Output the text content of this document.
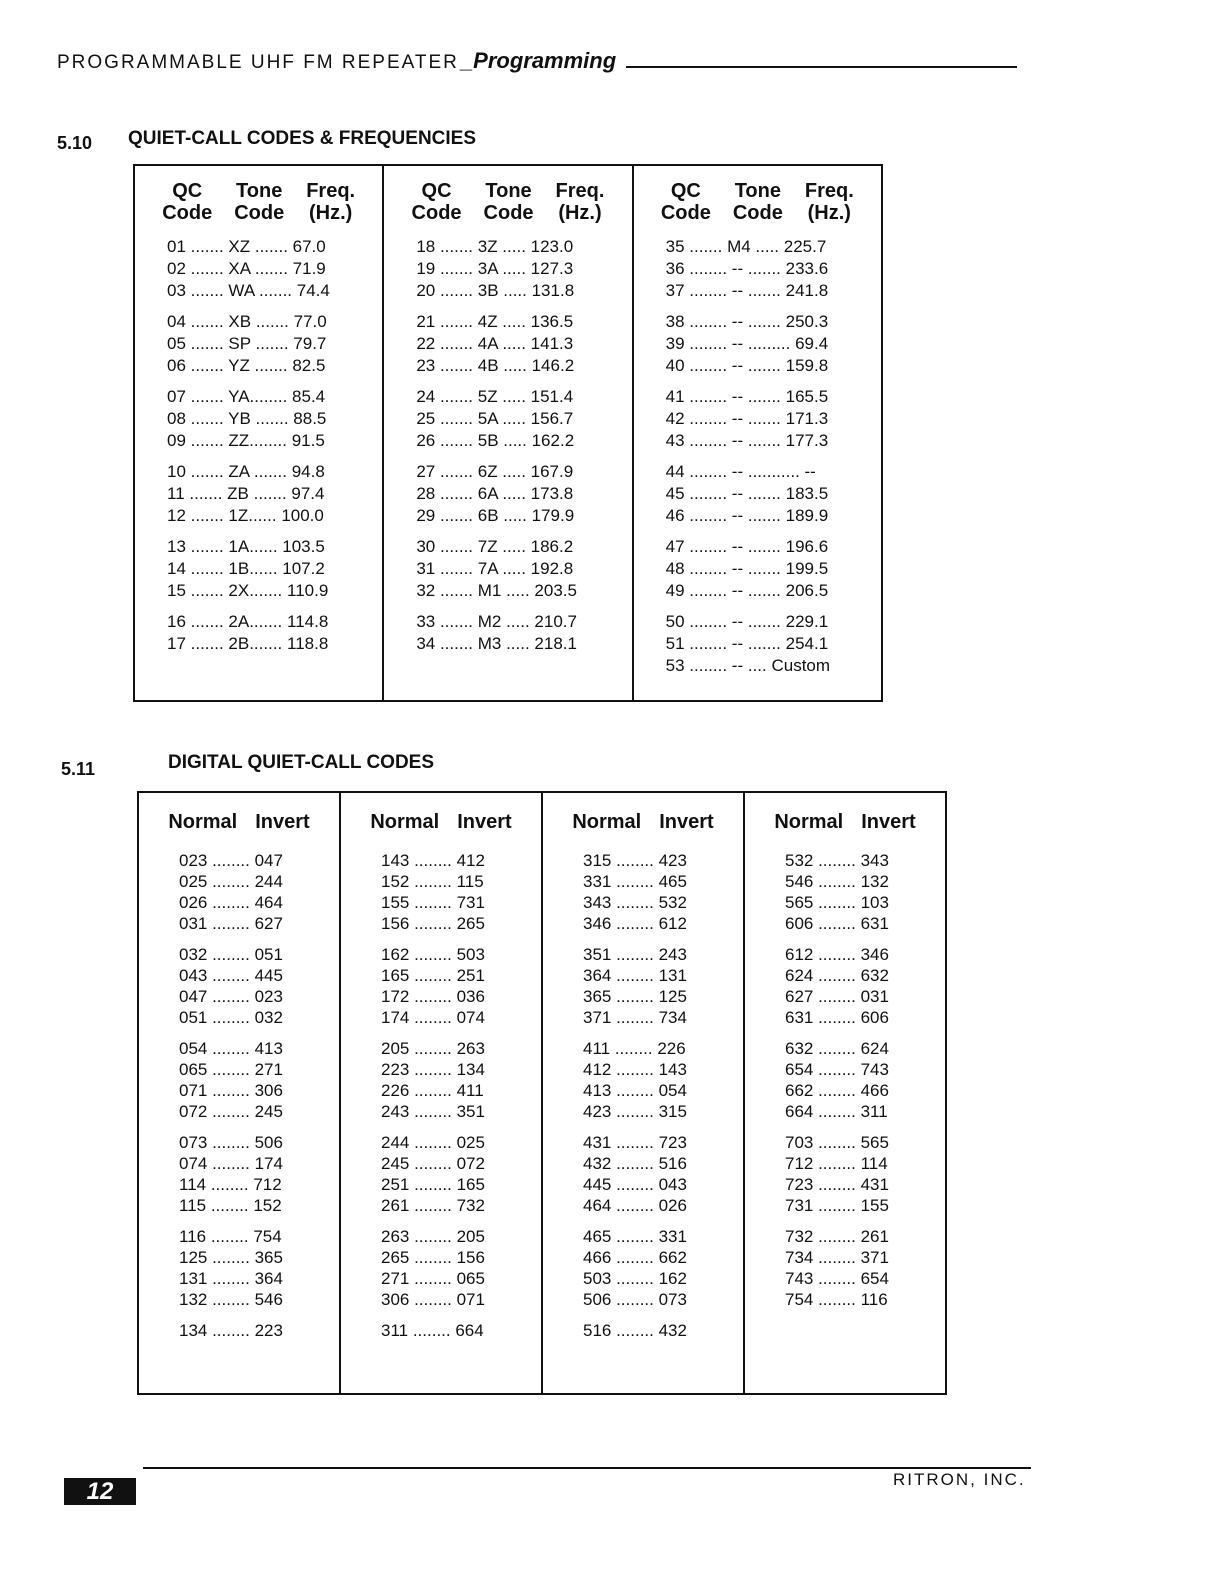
PROGRAMMABLE UHF FM REPEATER _Programming
5.10 QUIET-CALL CODES & FREQUENCIES
QC
Code
Tone
Code
Freq.
(Hz.)
01 ....... XZ ....... 67.0
02 ....... XA ....... 71.9
03 ....... WA ....... 74.4
04 ....... XB ....... 77.0
05 ....... SP ....... 79.7
06 ....... YZ ....... 82.5
07 ....... YA........ 85.4
08 ....... YB ....... 88.5
09 ....... ZZ........ 91.5
10 ....... ZA ....... 94.8
11 ....... ZB ....... 97.4
12 ....... 1Z...... 100.0
13 ....... 1A...... 103.5
14 ....... 1B...... 107.2
15 ....... 2X....... 110.9
16 ....... 2A....... 114.8
17 ....... 2B....... 118.8
QC
Code
Tone
Code
Freq.
(Hz.)
18 ....... 3Z ..... 123.0
19 ....... 3A ..... 127.3
20 ....... 3B ..... 131.8
21 ....... 4Z ..... 136.5
22 ....... 4A ..... 141.3
23 ....... 4B ..... 146.2
24 ....... 5Z ..... 151.4
25 ....... 5A ..... 156.7
26 ....... 5B ..... 162.2
27 ....... 6Z ..... 167.9
28 ....... 6A ..... 173.8
29 ....... 6B ..... 179.9
30 ....... 7Z ..... 186.2
31 ....... 7A ..... 192.8
32 ....... M1 ..... 203.5
33 ....... M2 ..... 210.7
34 ....... M3 ..... 218.1
QC
Code
Tone
Code
Freq.
(Hz.)
35 ....... M4 ..... 225.7
36 ........ -- ....... 233.6
37 ........ -- ....... 241.8
38 ........ -- ....... 250.3
39 ........ -- ......... 69.4
40 ........ -- ....... 159.8
41 ........ -- ....... 165.5
42 ........ -- ....... 171.3
43 ........ -- ....... 177.3
44 ........ -- ........... --
45 ........ -- ....... 183.5
46 ........ -- ....... 189.9
47 ........ -- ....... 196.6
48 ........ -- ....... 199.5
49 ........ -- ....... 206.5
50 ........ -- ....... 229.1
51 ........ -- ....... 254.1
53 ........ -- .... Custom
5.11	DIGITAL QUIET-CALL CODES
Normal Invert
023 ........ 047
025 ........ 244
026 ........ 464
031 ........ 627
032 ........ 051
043 ........ 445
047 ........ 023
051 ........ 032
054 ........ 413
065 ........ 271
071 ........ 306
072 ........ 245
073 ........ 506
074 ........ 174
114 ........ 712
115 ........ 152
116 ........ 754
125 ........ 365
131 ........ 364
132 ........ 546
134 ........ 223
Normal Invert
143 ........ 412
152 ........ 115
155 ........ 731
156 ........ 265
162 ........ 503
165 ........ 251
172 ........ 036
174 ........ 074
205 ........ 263
223 ........ 134
226 ........ 411
243 ........ 351
244 ........ 025
245 ........ 072
251 ........ 165
261 ........ 732
263 ........ 205
265 ........ 156
271 ........ 065
306 ........ 071
311 ........ 664
Normal Invert
315 ........ 423
331 ........ 465
343 ........ 532
346 ........ 612
351 ........ 243
364 ........ 131
365 ........ 125
371 ........ 734
411 ........ 226
412 ........ 143
413 ........ 054
423 ........ 315
431 ........ 723
432 ........ 516
445 ........ 043
464 ........ 026
465 ........ 331
466 ........ 662
503 ........ 162
506 ........ 073
516 ........ 432
Normal Invert
532 ........ 343
546 ........ 132
565 ........ 103
606 ........ 631
612 ........ 346
624 ........ 632
627 ........ 031
631 ........ 606
632 ........ 624
654 ........ 743
662 ........ 466
664 ........ 311
703 ........ 565
712 ........ 114
723 ........ 431
731 ........ 155
732 ........ 261
734 ........ 371
743 ........ 654
754 ........ 116
12	RITRON, INC.
